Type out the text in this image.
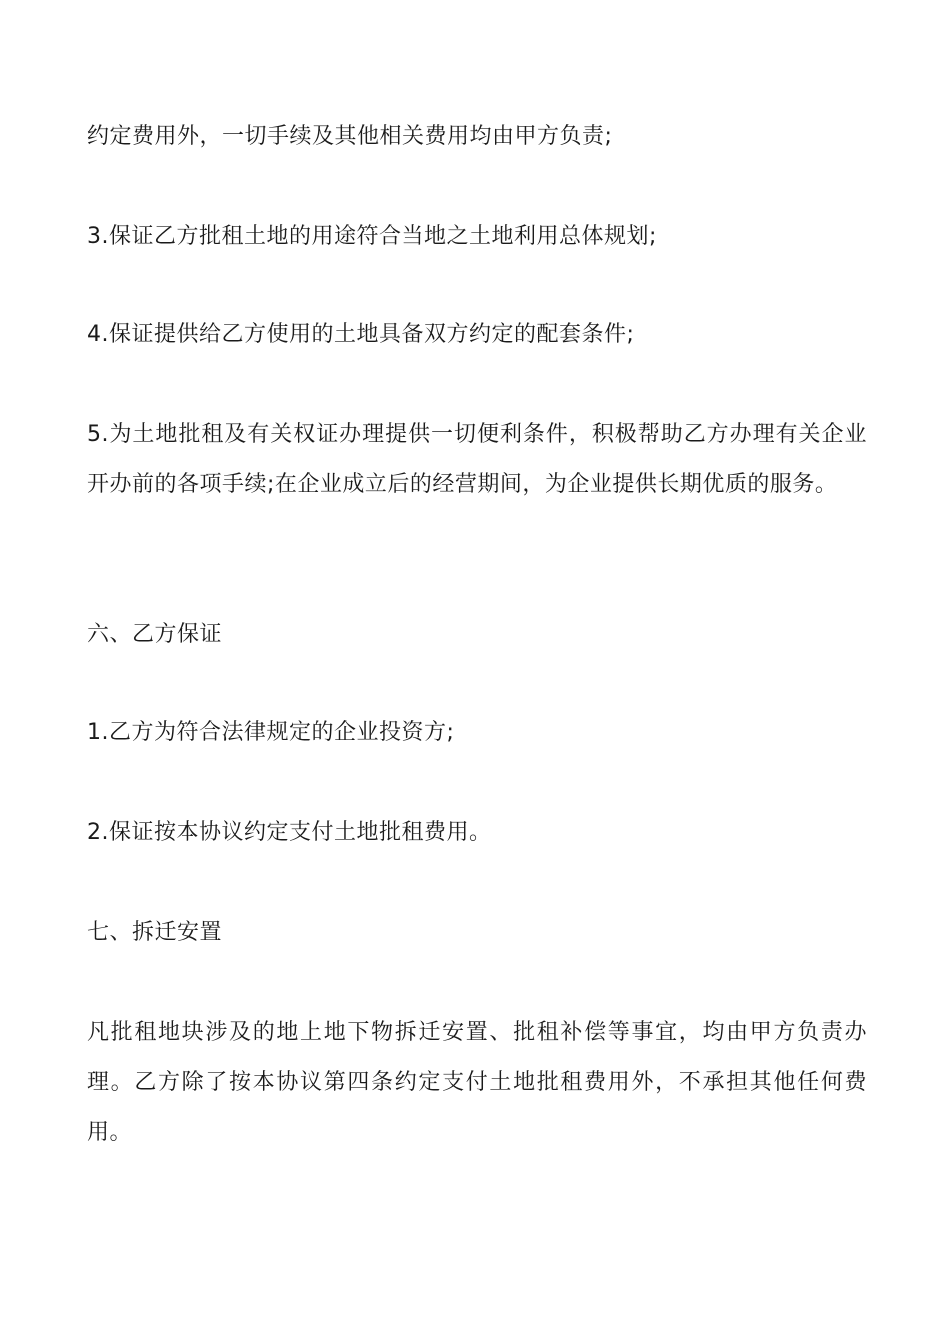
约定费用外，一切手续及其他相关费用均由甲方负责;

3.保证乙方批租土地的用途符合当地之土地利用总体规划;

4.保证提供给乙方使用的土地具备双方约定的配套条件;

5.为土地批租及有关权证办理提供一切便利条件，积极帮助乙方办理有关企业开办前的各项手续;在企业成立后的经营期间，为企业提供长期优质的服务。

六、乙方保证

1.乙方为符合法律规定的企业投资方;

2.保证按本协议约定支付土地批租费用。

七、拆迁安置

凡批租地块涉及的地上地下物拆迁安置、批租补偿等事宜，均由甲方负责办理。乙方除了按本协议第四条约定支付土地批租费用外，不承担其他任何费用。
